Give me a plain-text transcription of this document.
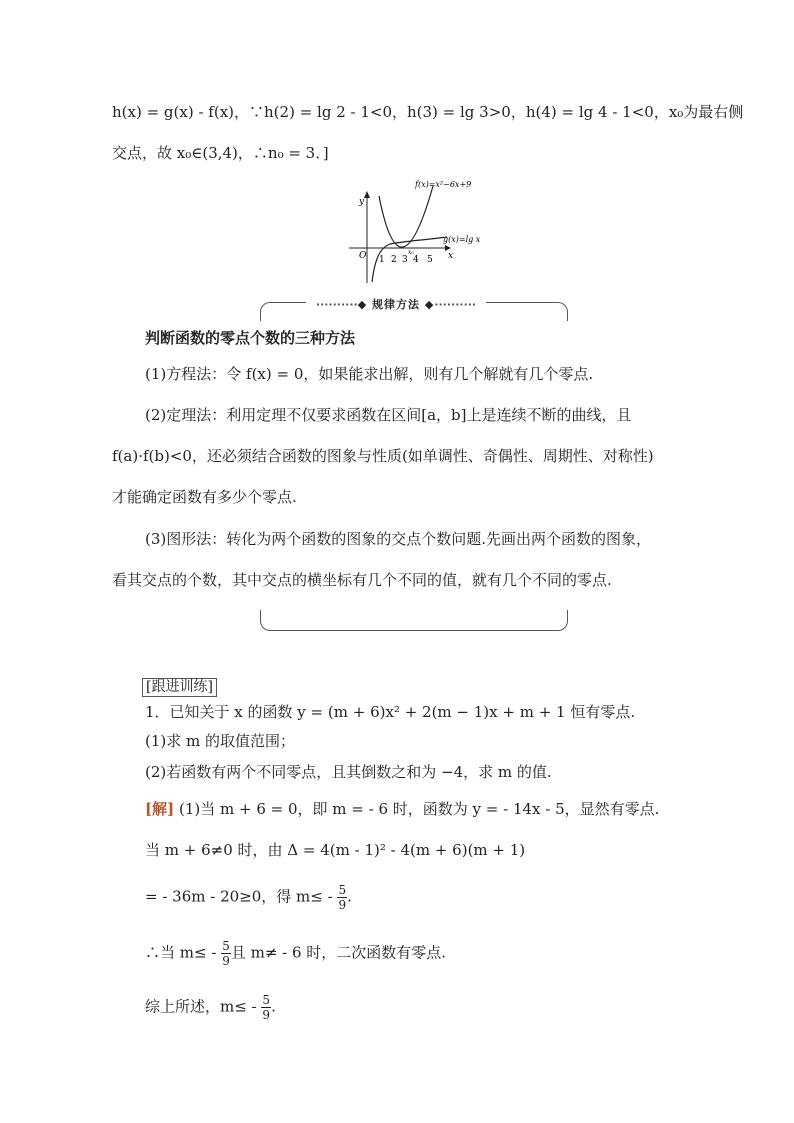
h(x) = g(x) - f(x)，∵h(2) = lg 2 - 1<0，h(3) = lg 3>0，h(4) = lg 4 - 1<0，x₀为最右侧
交点，故 x₀∈(3,4)，∴n₀ = 3．]
f(x)=x²−6x+9
g(x)=lg x
y
x
O 1 2 3 4 5
x₀
··········◆ 规律方法 ◆··········
判断函数的零点个数的三种方法
(1)方程法：令 f(x) = 0，如果能求出解，则有几个解就有几个零点.
(2)定理法：利用定理不仅要求函数在区间[a，b]上是连续不断的曲线，且
f(a)·f(b)<0，还必须结合函数的图象与性质(如单调性、奇偶性、周期性、对称性)
才能确定函数有多少个零点.
(3)图形法：转化为两个函数的图象的交点个数问题.先画出两个函数的图象，
看其交点的个数，其中交点的横坐标有几个不同的值，就有几个不同的零点.
[跟进训练]
1．已知关于 x 的函数 y = (m + 6)x² + 2(m − 1)x + m + 1 恒有零点.
(1)求 m 的取值范围；
(2)若函数有两个不同零点，且其倒数之和为 −4，求 m 的值.
[解] (1)当 m + 6 = 0，即 m = - 6 时，函数为 y = - 14x - 5，显然有零点.
当 m + 6≠0 时，由 Δ = 4(m - 1)² - 4(m + 6)(m + 1)
= - 36m - 20≥0，得 $m\le - \frac{5}{9}$ .
∴当 $m\le - \frac{5}{9}$ 且 m≠ - 6 时，二次函数有零点.
综上所述，$m\le - \frac{5}{9}$ .
